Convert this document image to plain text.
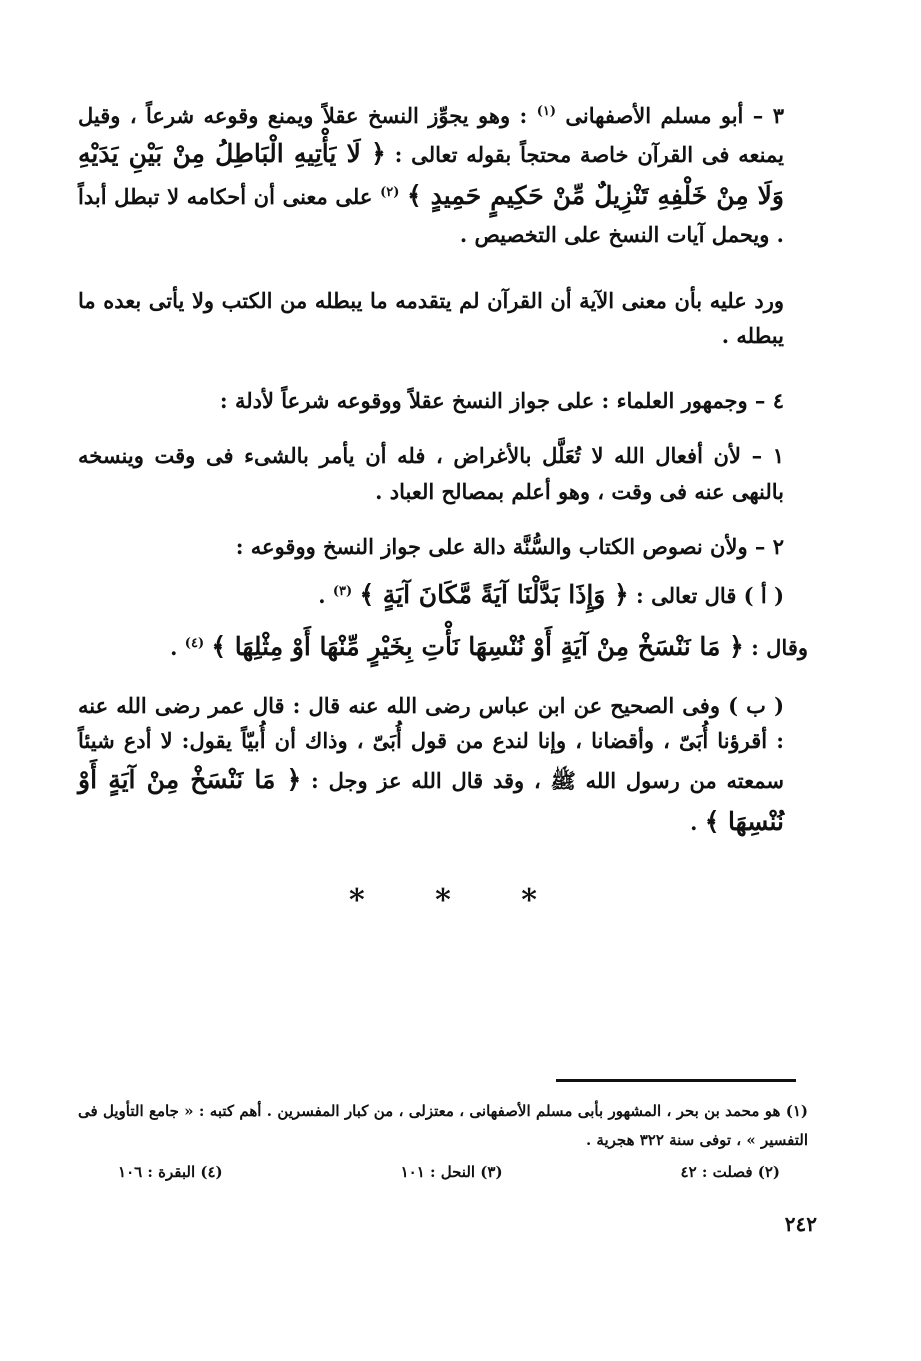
٣ – أبو مسلم الأصفهانى $^{(١)}$ : وهو يجوِّز النسخ عقلاً ويمنع وقوعه شرعاً ، وقيل يمنعه فى القرآن خاصة محتجاً بقوله تعالى : ﴿ لَا يَأْتِيهِ الْبَاطِلُ مِنْ بَيْنِ يَدَيْهِ وَلَا مِنْ خَلْفِهِ تَنْزِيلٌ مِّنْ حَكِيمٍ حَمِيدٍ ﴾ $^{(٢)}$ على معنى أن أحكامه لا تبطل أبداً . ويحمل آيات النسخ على التخصيص .

ورد عليه بأن معنى الآية أن القرآن لم يتقدمه ما يبطله من الكتب ولا يأتى بعده ما يبطله .

٤ – وجمهور العلماء : على جواز النسخ عقلاً ووقوعه شرعاً لأدلة :

١ – لأن أفعال الله لا تُعَلَّل بالأغراض ، فله أن يأمر بالشىء فى وقت وينسخه بالنهى عنه فى وقت ، وهو أعلم بمصالح العباد .

٢ – ولأن نصوص الكتاب والسُّنَّة دالة على جواز النسخ ووقوعه :

( أ ) قال تعالى : ﴿ وَإِذَا بَدَّلْنَا آيَةً مَّكَانَ آيَةٍ ﴾ $^{(٣)}$ .

وقال : ﴿ مَا نَنْسَخْ مِنْ آيَةٍ أَوْ نُنْسِهَا نَأْتِ بِخَيْرٍ مِّنْهَا أَوْ مِثْلِهَا ﴾ $^{(٤)}$ .

( ب ) وفى الصحيح عن ابن عباس رضى الله عنه قال : قال عمر رضى الله عنه : أقرؤنا أُبَىّ ، وأقضانا ، وإنا لندع من قول أُبَىّ ، وذاك أن أُبيّاً يقول: لا أدع شيئاً سمعته من رسول الله ﷺ ، وقد قال الله عز وجل : ﴿ مَا نَنْسَخْ مِنْ آيَةٍ أَوْ نُنْسِهَا ﴾ .

* * *

(١) هو محمد بن بحر ، المشهور بأبى مسلم الأصفهانى ، معتزلى ، من كبار المفسرين . أهم كتبه : « جامع التأويل فى التفسير » ، توفى سنة ٣٢٢ هجرية .

(٢) فصلت : ٤٢
(٣) النحل : ١٠١
(٤) البقرة : ١٠٦
٢٤٢
